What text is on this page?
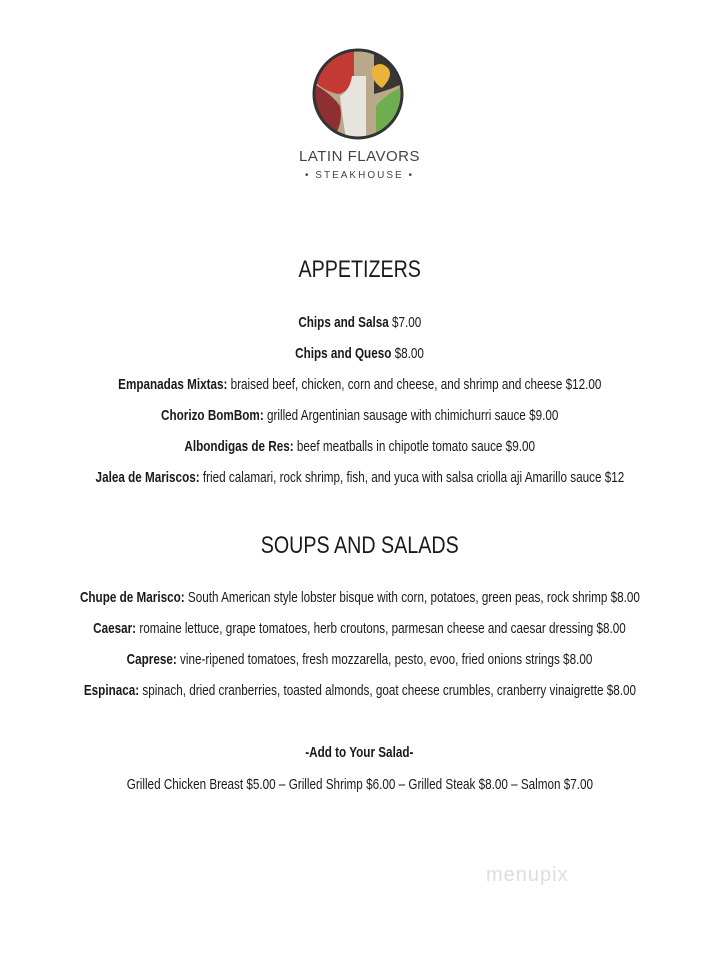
LATIN FLAVORS
• STEAKHOUSE •
APPETIZERS
SOUPS AND SALADS
-Add to Your Salad-
Grilled Chicken Breast $5.00 – Grilled Shrimp $6.00 – Grilled Steak $8.00 – Salmon $7.00
menupix
Chips and Salsa $7.00
Chips and Queso $8.00
Empanadas Mixtas: braised beef, chicken, corn and cheese, and shrimp and cheese $12.00
Chorizo BomBom: grilled Argentinian sausage with chimichurri sauce $9.00
Albondigas de Res: beef meatballs in chipotle tomato sauce $9.00
Jalea de Mariscos: fried calamari, rock shrimp, fish, and yuca with salsa criolla aji Amarillo sauce $12
Chupe de Marisco: South American style lobster bisque with corn, potatoes, green peas, rock shrimp $8.00
Caesar: romaine lettuce, grape tomatoes, herb croutons, parmesan cheese and caesar dressing $8.00
Caprese: vine-ripened tomatoes, fresh mozzarella, pesto, evoo, fried onions strings $8.00
Espinaca: spinach, dried cranberries, toasted almonds, goat cheese crumbles, cranberry vinaigrette $8.00
